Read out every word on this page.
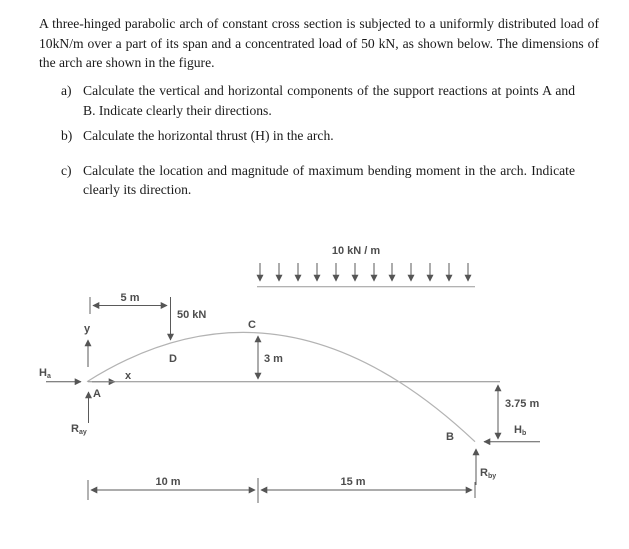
A three-hinged parabolic arch of constant cross section is subjected to a uniformly distributed load of 10kN/m over a part of its span and a concentrated load of 50 kN, as shown below. The dimensions of the arch are shown in the figure.

a) Calculate the vertical and horizontal components of the support reactions at points A and B. Indicate clearly their directions.
b) Calculate the horizontal thrust (H) in the arch.
c) Calculate the location and magnitude of maximum bending moment in the arch. Indicate clearly its direction.
10 kN / m
5 m
50 kN
y
x
Ha
A
Ray
D
C
3 m
3.75 m
B
Hb
Rby
10 m	15 m
